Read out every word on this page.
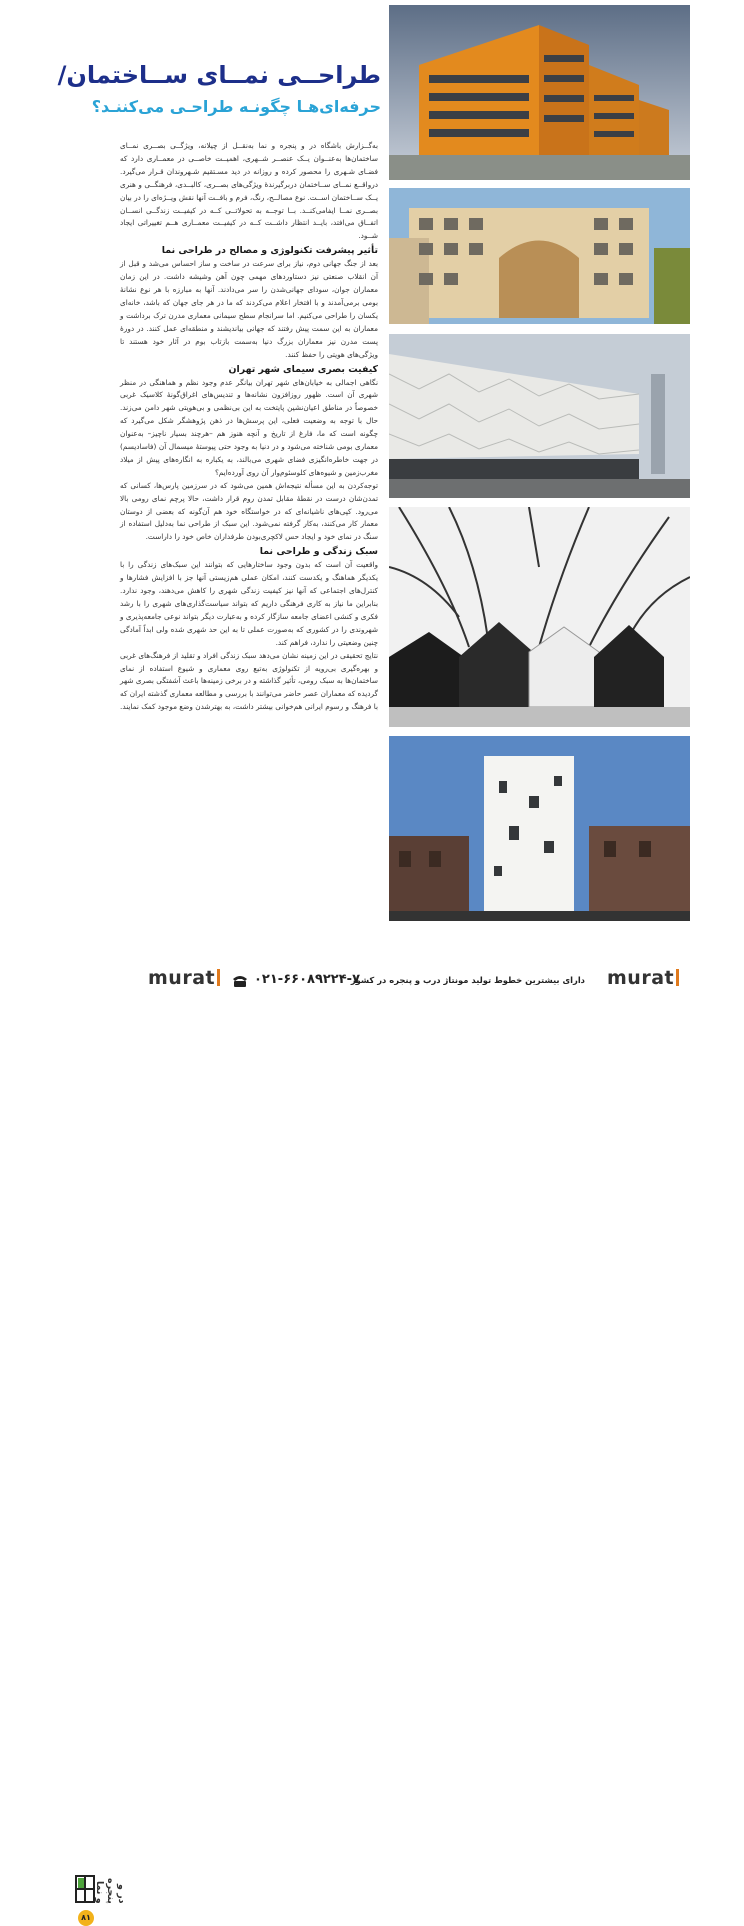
طراحــی نمــای ســاختمان/
حرفه‌ای‌هـا چگونـه طراحـی می‌کننـد؟

به‌گــزارش باشگاه در و پنجره و نما به‌نقــل از چیلانه، ویژگــی بصــری نمــای ساختمان‌ها به‌عنــوان یــک عنصــر شــهری، اهمیــت خاصــی در معمــاری دارد که فضـای شـهری را محصور کرده و روزانه در دید مسـتقیم شـهروندان قـرار می‌گیرد. درواقــع نمــای ســاختمان دربرگیرندهٔ ویژگی‌های بصــری، کالبــدی، فرهنگــی و هنری یــک ســاختمان اســت. نوع مصالــح، رنگ، فرم و بافــت آنها نقش ویــژه‌ای را در بیان بصــری نمــا ایفامی‌کنــد. بــا توجــه به تحولاتــی کــه در کیفیــت زندگــی انســان اتفــاق می‌افتد، بایــد انتظار داشــت کــه در کیفیــت معمــاری هــم تغییراتی ایجاد شــود.

تأثیر پیشرفت تکنولوژی و مصالح در طراحی نما

بعد از جنگ جهانی دوم، نیاز برای سرعت در ساخت و ساز احساس می‌شد و قبل از آن انقلاب صنعتی نیز دستاوردهای مهمی چون آهن وشیشه داشت. در این زمان معماران جوان، سودای جهانی‌شدن را سر می‌دادند. آنها به مبارزه با هر نوع نشانهٔ بومی برمی‌آمدند و با افتخار اعلام می‌کردند که ما در هر جای جهان که باشد، خانه‌ای یکسان را طراحی می‌کنیم. اما سرانجام سطح سیمانی معماری مدرن ترک برداشت و معماران به این سمت پیش رفتند که جهانی بیاندیشند و منطقه‌ای عمل کنند. در دورهٔ پست مدرن نیز معماران بزرگ دنیا به‌سمت بازتاب بوم در آثار خود هستند تا ویژگی‌های هویتی را حفظ کنند.

کیفیت بصری سیمای شهر تهران

نگاهی اجمالی به خیابان‌های شهر تهران بیانگر عدم وجود نظم و هماهنگی در منظر شهری آن است. ظهور روزافزون نشانه‌ها و تندیس‌های اغراق‌گونهٔ کلاسیک غربی خصوصاً در مناطق اعیان‌نشین پایتخت به این بی‌نظمی و بی‌هویتی شهر دامن می‌زند. حال با توجه به وضعیت فعلی، این پرسش‌ها در ذهن پژوهشگر شکل می‌گیرد که چگونه است که ما، فارغ از تاریخ و آنچه هنوز هم –هرچند بسیار ناچیز– به‌عنوان معماری بومی شناخته می‌شود و در دنیا به وجود حتی پیوستهٔ میسمال آن (فاسادیسم) در جهت خاطره‌انگیزی فضای شهری می‌بالند، به یکباره به انگاره‌های پیش از میلاد مغرب‌زمین و شیوه‌های کلوسئوم‌وار آن روی آورده‌ایم؟

توجه‌کردن به این مسأله نتیجه‌اش همین می‌شود که در سرزمین پارس‌ها، کسانی که تمدن‌شان درست در نقطهٔ مقابل تمدن روم قرار داشت، حالا پرچم نمای رومی بالا می‌رود. کپی‌های ناشیانه‌ای که در خواستگاه خود هم آن‌گونه که بعضی از دوستان معمار کار می‌کنند، به‌کار گرفته نمی‌شود. این سبک از طراحی نما به‌دلیل استفاده از سنگ در نمای خود و ایجاد حس لاکچری‌بودن طرفداران خاص خود را داراست.

سبک زندگی و طراحی نما

واقعیت آن است که بدون وجود ساختارهایی که بتوانند این سبک‌های زندگی را با یکدیگر هماهنگ و یکدست کنند، امکان عملی هم‌زیستی آنها جز با افزایش فشارها و کنترل‌های اجتماعی که آنها نیز کیفیت زندگی شهری را کاهش می‌دهند، وجود ندارد. بنابراین ما نیاز به کاری فرهنگی داریم که بتواند سیاست‌گذاری‌های شهری را با رشد فکری و کنشی اعضای جامعه سازگار کرده و به‌عبارت دیگر بتواند نوعی جامعه‌پذیری و شهروندی را در کشوری که به‌صورت عملی تا به این حد شهری شده ولی ابداً آمادگی چنین وضعیتی را ندارد، فراهم کند.

نتایج تحقیقی در این زمینه نشان می‌دهد سبک زندگی افراد و تقلید از فرهنگ‌های غربی و بهره‌گیری بی‌رویه از تکنولوژی به‌تبع روی معماری و شیوع استفاده از نمای ساختمان‌ها به سبک رومی، تأثیر گذاشته و در برخی زمینه‌ها باعث آشفتگی بصری شهر گردیده که معماران عصر حاضر می‌توانند با بررسی و مطالعه معماری گذشته ایران که با فرهنگ و رسوم ایرانی هم‌خوانی بیشتر داشت، به بهترشدن وضع موجود کمک نمایند.

در و پنجره و نما
۸۱
murat	۰۲۱-۶۶۰۸۹۲۲۴-۷
دارای بیشترین خطوط تولید مونتاژ درب و پنجره در کشور murat
